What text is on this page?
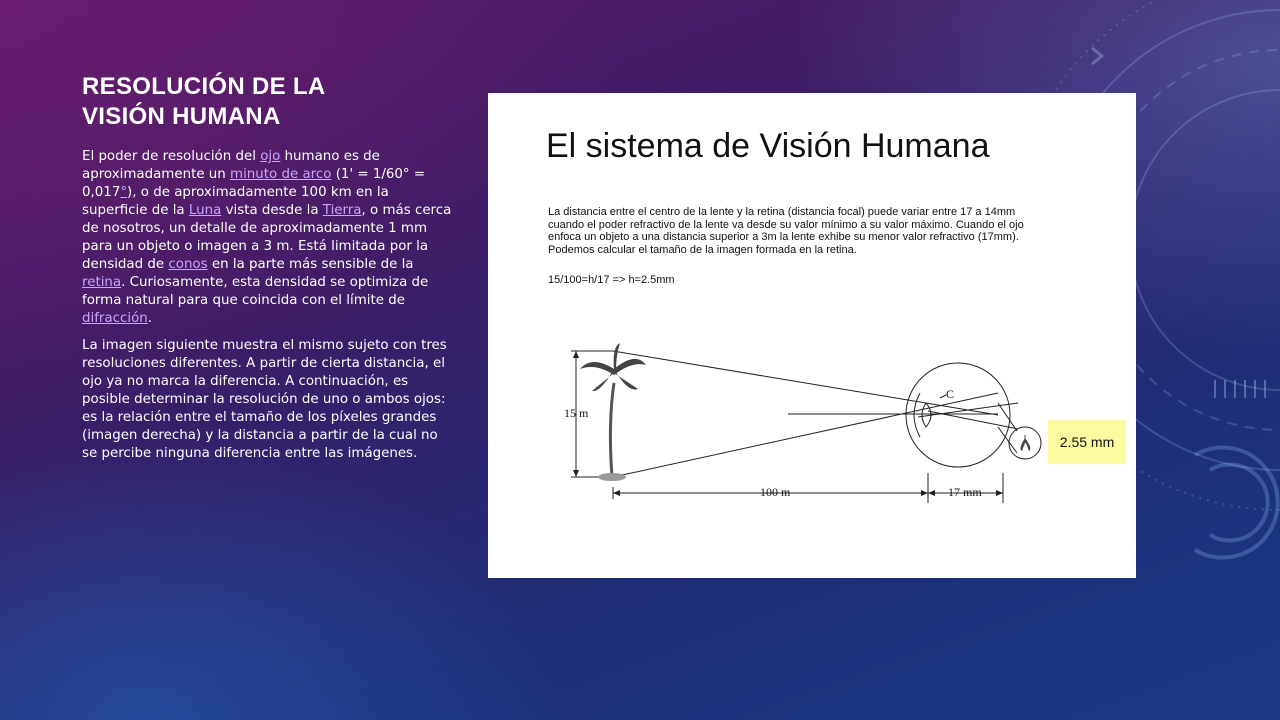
RESOLUCIÓN DE LA
VISIÓN HUMANA

El poder de resolución del ojo humano es de aproximadamente un minuto de arco (1' = 1/60° = 0,017°), o de aproximadamente 100 km en la superficie de la Luna vista desde la Tierra, o más cerca de nosotros, un detalle de aproximadamente 1 mm para un objeto o imagen a 3 m. Está limitada por la densidad de conos en la parte más sensible de la retina. Curiosamente, esta densidad se optimiza de forma natural para que coincida con el límite de difracción.

La imagen siguiente muestra el mismo sujeto con tres resoluciones diferentes. A partir de cierta distancia, el ojo ya no marca la diferencia. A continuación, es posible determinar la resolución de uno o ambos ojos: es la relación entre el tamaño de los píxeles grandes (imagen derecha) y la distancia a partir de la cual no se percibe ninguna diferencia entre las imágenes.

El sistema de Visión Humana

La distancia entre el centro de la lente y la retina (distancia focal) puede variar entre 17 a 14mm

cuando el poder refractivo de la lente va desde su valor mínimo a su valor máximo. Cuando el ojo

enfoca un objeto a una distancia superior a 3m la lente exhibe su menor valor refractivo (17mm).

Podemos calcular el tamaño de la imagen formada en la retina.

15/100=h/17 => h=2.5mm
15 m
100 m	17 mm
C
2.55 mm
